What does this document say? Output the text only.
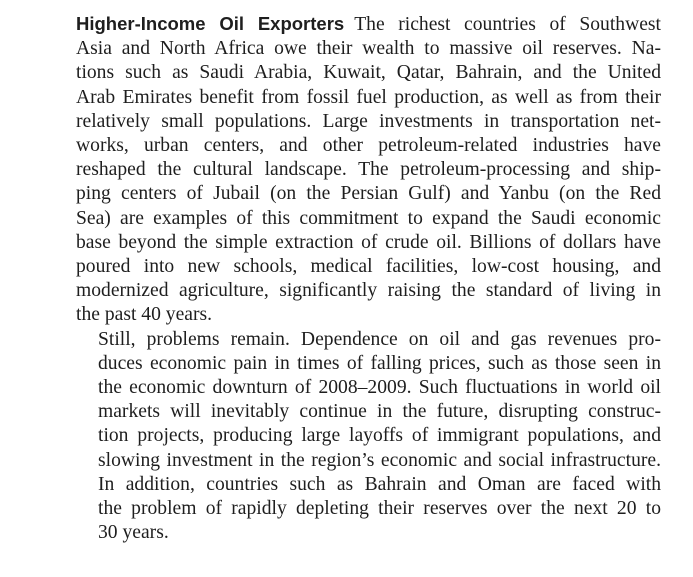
Higher-Income Oil Exporters The richest countries of Southwest
Asia and North Africa owe their wealth to massive oil reserves. Na-
tions such as Saudi Arabia, Kuwait, Qatar, Bahrain, and the United
Arab Emirates benefit from fossil fuel production, as well as from their
relatively small populations. Large investments in transportation net-
works, urban centers, and other petroleum-related industries have
reshaped the cultural landscape. The petroleum-processing and ship-
ping centers of Jubail (on the Persian Gulf) and Yanbu (on the Red
Sea) are examples of this commitment to expand the Saudi economic
base beyond the simple extraction of crude oil. Billions of dollars have
poured into new schools, medical facilities, low-cost housing, and
modernized agriculture, significantly raising the standard of living in
the past 40 years.

Still, problems remain. Dependence on oil and gas revenues pro-
duces economic pain in times of falling prices, such as those seen in
the economic downturn of 2008–2009. Such fluctuations in world oil
markets will inevitably continue in the future, disrupting construc-
tion projects, producing large layoffs of immigrant populations, and
slowing investment in the region’s economic and social infrastructure.
In addition, countries such as Bahrain and Oman are faced with
the problem of rapidly depleting their reserves over the next 20 to
30 years.
